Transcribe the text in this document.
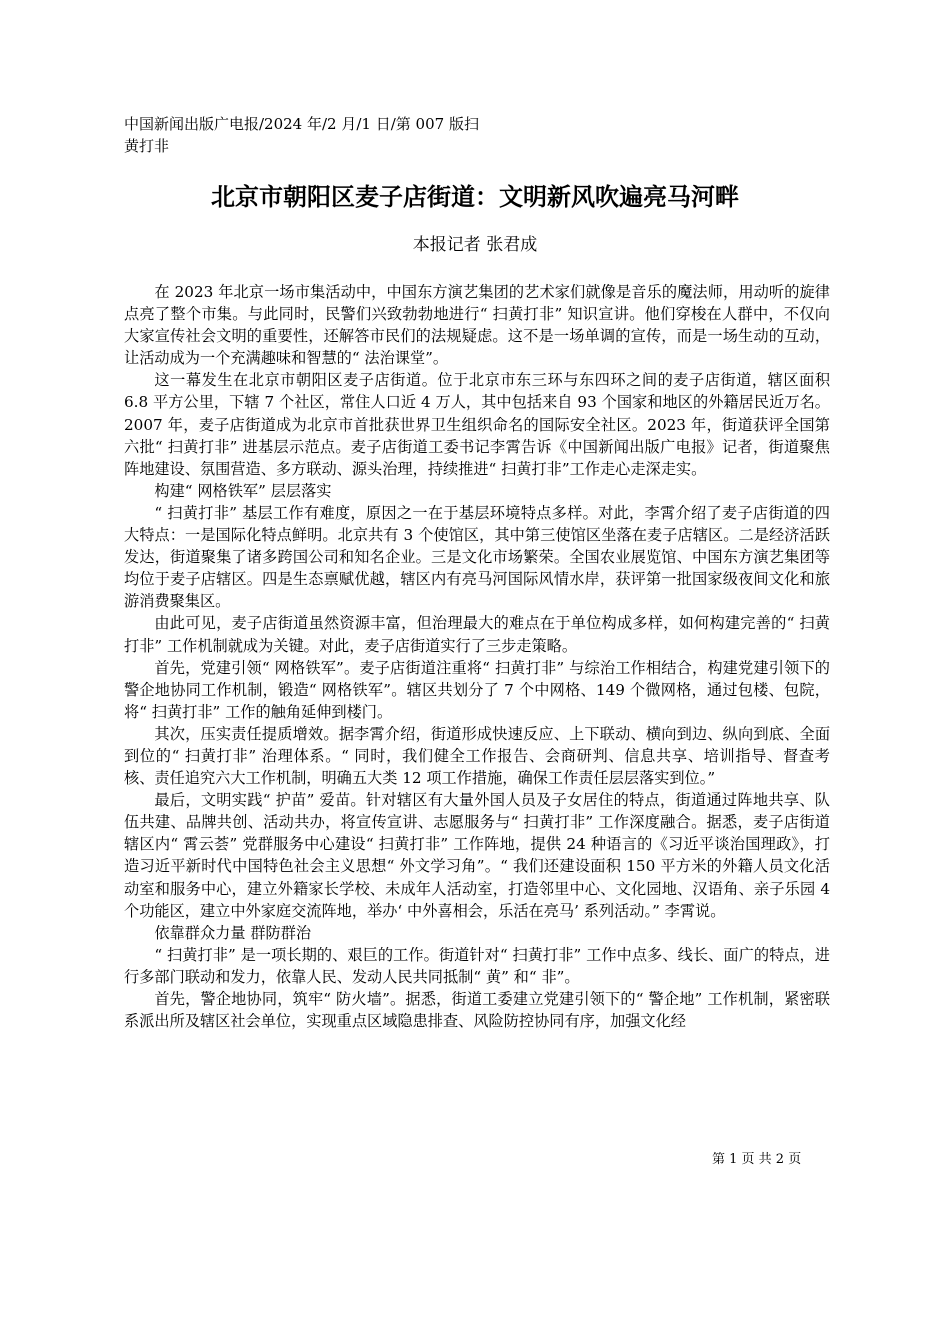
中国新闻出版广电报/2024 年/2 月/1 日/第 007 版扫黄打非
北京市朝阳区麦子店街道：文明新风吹遍亮马河畔
本报记者 张君成

在 2023 年北京一场市集活动中，中国东方演艺集团的艺术家们就像是音乐的魔法师，用动听的旋律点亮了整个市集。与此同时，民警们兴致勃勃地进行“ 扫黄打非” 知识宣讲。他们穿梭在人群中，不仅向大家宣传社会文明的重要性，还解答市民们的法规疑虑。这不是一场单调的宣传，而是一场生动的互动，让活动成为一个充满趣味和智慧的“ 法治课堂”。

这一幕发生在北京市朝阳区麦子店街道。位于北京市东三环与东四环之间的麦子店街道，辖区面积 6.8 平方公里，下辖 7 个社区，常住人口近 4 万人，其中包括来自 93 个国家和地区的外籍居民近万名。2007 年，麦子店街道成为北京市首批获世界卫生组织命名的国际安全社区。2023 年，街道获评全国第六批“ 扫黄打非” 进基层示范点。麦子店街道工委书记李霄告诉《中国新闻出版广电报》记者，街道聚焦阵地建设、氛围营造、多方联动、源头治理，持续推进“ 扫黄打非”工作走心走深走实。

构建“ 网格铁军” 层层落实

“ 扫黄打非” 基层工作有难度，原因之一在于基层环境特点多样。对此，李霄介绍了麦子店街道的四大特点：一是国际化特点鲜明。北京共有 3 个使馆区，其中第三使馆区坐落在麦子店辖区。二是经济活跃发达，街道聚集了诸多跨国公司和知名企业。三是文化市场繁荣。全国农业展览馆、中国东方演艺集团等均位于麦子店辖区。四是生态禀赋优越，辖区内有亮马河国际风情水岸，获评第一批国家级夜间文化和旅游消费聚集区。

由此可见，麦子店街道虽然资源丰富，但治理最大的难点在于单位构成多样，如何构建完善的“ 扫黄打非” 工作机制就成为关键。对此，麦子店街道实行了三步走策略。

首先，党建引领“ 网格铁军”。麦子店街道注重将“ 扫黄打非” 与综治工作相结合，构建党建引领下的警企地协同工作机制，锻造“ 网格铁军”。辖区共划分了 7 个中网格、149 个微网格，通过包楼、包院，将“ 扫黄打非” 工作的触角延伸到楼门。

其次，压实责任提质增效。据李霄介绍，街道形成快速反应、上下联动、横向到边、纵向到底、全面到位的“ 扫黄打非” 治理体系。“ 同时，我们健全工作报告、会商研判、信息共享、培训指导、督查考核、责任追究六大工作机制，明确五大类 12 项工作措施，确保工作责任层层落实到位。”

最后，文明实践“ 护苗” 爱苗。针对辖区有大量外国人员及子女居住的特点，街道通过阵地共享、队伍共建、品牌共创、活动共办，将宣传宣讲、志愿服务与“ 扫黄打非” 工作深度融合。据悉，麦子店街道辖区内“ 霄云荟” 党群服务中心建设“ 扫黄打非” 工作阵地，提供 24 种语言的《习近平谈治国理政》，打造习近平新时代中国特色社会主义思想“ 外文学习角”。“ 我们还建设面积 150 平方米的外籍人员文化活动室和服务中心，建立外籍家长学校、未成年人活动室，打造邻里中心、文化园地、汉语角、亲子乐园 4 个功能区，建立中外家庭交流阵地，举办‘ 中外喜相会，乐活在亮马’ 系列活动。” 李霄说。

依靠群众力量 群防群治

“ 扫黄打非” 是一项长期的、艰巨的工作。街道针对“ 扫黄打非” 工作中点多、线长、面广的特点，进行多部门联动和发力，依靠人民、发动人民共同抵制“ 黄” 和“ 非”。

首先，警企地协同，筑牢“ 防火墙”。据悉，街道工委建立党建引领下的“ 警企地” 工作机制，紧密联系派出所及辖区社会单位，实现重点区域隐患排查、风险防控协同有序，加强文化经

第 1 页 共 2 页
